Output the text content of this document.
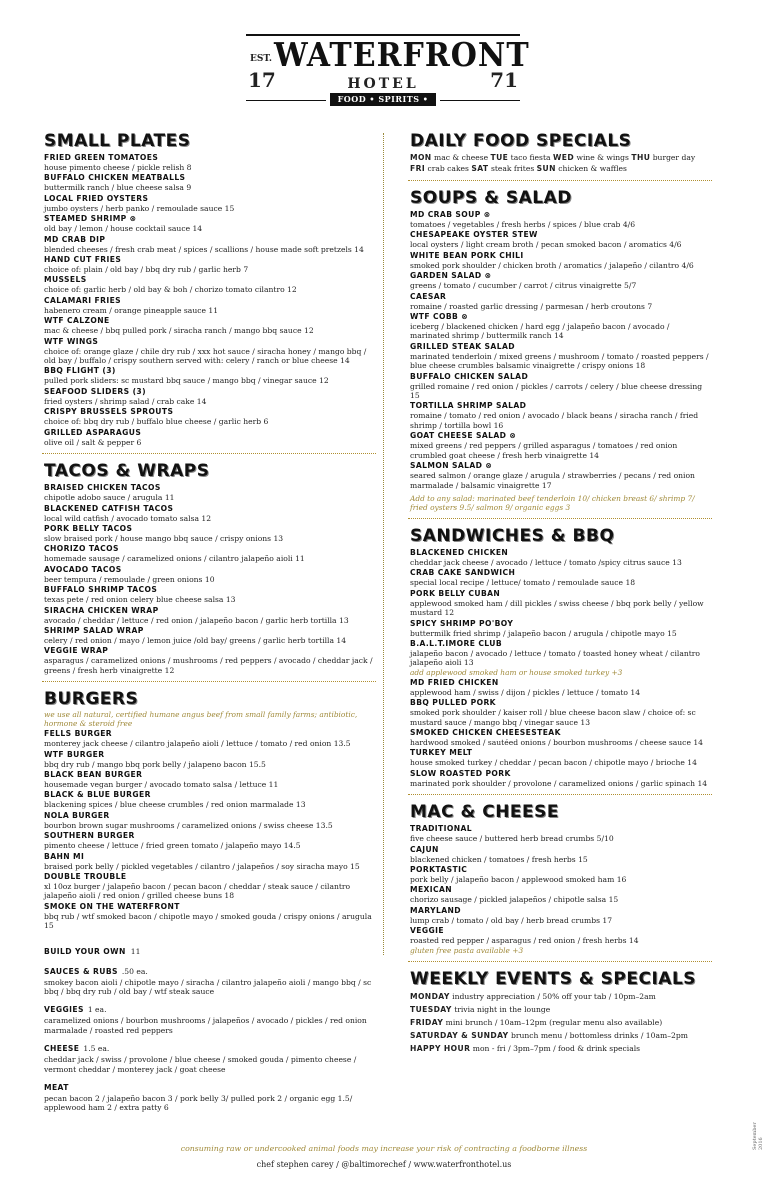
EST.
17	71
WATERFRONT
HOTEL
FOOD • SPIRITS • ALE
SMALL PLATES
FRIED GREEN TOMATOES
house pimento cheese / pickle relish 8
BUFFALO CHICKEN MEATBALLS
buttermilk ranch / blue cheese salsa 9
LOCAL FRIED OYSTERS
jumbo oysters / herb panko / remoulade sauce 15
STEAMED SHRIMP ⊗
old bay / lemon / house cocktail sauce 14
MD CRAB DIP
blended cheeses / fresh crab meat / spices / scallions / house made soft pretzels 14
HAND CUT FRIES
choice of: plain / old bay / bbq dry rub / garlic herb 7
MUSSELS
choice of: garlic herb / old bay & boh / chorizo tomato cilantro 12
CALAMARI FRIES
habenero cream / orange pineapple sauce 11
WTF CALZONE
mac & cheese / bbq pulled pork / siracha ranch / mango bbq sauce 12
WTF WINGS
choice of: orange glaze / chile dry rub / xxx hot sauce / siracha honey / mango bbq / old bay / buffalo / crispy southern served with: celery / ranch or blue cheese 14
BBQ FLIGHT (3)
pulled pork sliders: sc mustard bbq sauce / mango bbq / vinegar sauce 12
SEAFOOD SLIDERS (3)
fried oysters / shrimp salad / crab cake 14
CRISPY BRUSSELS SPROUTS
choice of: bbq dry rub / buffalo blue cheese / garlic herb 6
GRILLED ASPARAGUS
olive oil / salt & pepper 6
TACOS & WRAPS
BRAISED CHICKEN TACOS
chipotle adobo sauce / arugula 11
BLACKENED CATFISH TACOS
local wild catfish / avocado tomato salsa 12
PORK BELLY TACOS
slow braised pork / house mango bbq sauce / crispy onions 13
CHORIZO TACOS
homemade sausage / caramelized onions / cilantro jalapeño aioli 11
AVOCADO TACOS
beer tempura / remoulade / green onions 10
BUFFALO SHRIMP TACOS
texas pete / red onion celery blue cheese salsa 13
SIRACHA CHICKEN WRAP
avocado / cheddar / lettuce / red onion / jalapeño bacon / garlic herb tortilla 13
SHRIMP SALAD WRAP
celery / red onion / mayo / lemon juice /old bay/ greens / garlic herb tortilla 14
VEGGIE WRAP
asparagus / caramelized onions / mushrooms / red peppers / avocado / cheddar jack / greens / fresh herb vinaigrette 12
BURGERS
we use all natural, certified humane angus beef from small family farms; antibiotic, hormone & steroid free
FELLS BURGER
monterey jack cheese / cilantro jalapeño aioli / lettuce / tomato / red onion 13.5
WTF BURGER
bbq dry rub / mango bbq pork belly / jalapeno bacon 15.5
BLACK BEAN BURGER
housemade vegan burger / avocado tomato salsa / lettuce 11
BLACK & BLUE BURGER
blackening spices / blue cheese crumbles / red onion marmalade 13
NOLA BURGER
bourbon brown sugar mushrooms / caramelized onions / swiss cheese 13.5
SOUTHERN BURGER
pimento cheese / lettuce / fried green tomato / jalapeño mayo 14.5
BAHN MI
braised pork belly / pickled vegetables / cilantro / jalapeños / soy siracha mayo 15
DOUBLE TROUBLE
xl 10oz burger / jalapeño bacon / pecan bacon / cheddar / steak sauce / cilantro jalapeño aioli / red onion / grilled cheese buns 18
SMOKE ON THE WATERFRONT
bbq rub / wtf smoked bacon / chipotle mayo / smoked gouda / crispy onions / arugula 15
BUILD YOUR OWN 11
SAUCES & RUBS .50 ea.
smokey bacon aioli / chipotle mayo / siracha / cilantro jalapeño aioli / mango bbq / sc bbq / bbq dry rub / old bay / wtf steak sauce
VEGGIES 1 ea.
caramelized onions / bourbon mushrooms / jalapeños / avocado / pickles / red onion marmalade / roasted red peppers
CHEESE 1.5 ea.
cheddar jack / swiss / provolone / blue cheese / smoked gouda / pimento cheese / vermont cheddar / monterey jack / goat cheese
MEAT
pecan bacon 2 / jalapeño bacon 3 / pork belly 3/ pulled pork 2 / organic egg 1.5/ applewood ham 2 / extra patty 6
DAILY FOOD SPECIALS
MON mac & cheese TUE taco fiesta WED wine & wings THU burger day
FRI crab cakes SAT steak frites SUN chicken & waffles
SOUPS & SALAD
MD CRAB SOUP ⊗
tomatoes / vegetables / fresh herbs / spices / blue crab 4/6
CHESAPEAKE OYSTER STEW
local oysters / light cream broth / pecan smoked bacon / aromatics 4/6
WHITE BEAN PORK CHILI
smoked pork shoulder / chicken broth / aromatics / jalapeño / cilantro 4/6
GARDEN SALAD ⊗
greens / tomato / cucumber / carrot / citrus vinaigrette 5/7
CAESAR
romaine / roasted garlic dressing / parmesan / herb croutons 7
WTF COBB ⊗
iceberg / blackened chicken / hard egg / jalapeño bacon / avocado / marinated shrimp / buttermilk ranch 14
GRILLED STEAK SALAD
marinated tenderloin / mixed greens / mushroom / tomato / roasted peppers / blue cheese crumbles balsamic vinaigrette / crispy onions 18
BUFFALO CHICKEN SALAD
grilled romaine / red onion / pickles / carrots / celery / blue cheese dressing 15
TORTILLA SHRIMP SALAD
romaine / tomato / red onion / avocado / black beans / siracha ranch / fried shrimp / tortilla bowl 16
GOAT CHEESE SALAD ⊗
mixed greens / red peppers / grilled asparagus / tomatoes / red onion crumbled goat cheese / fresh herb vinaigrette 14
SALMON SALAD ⊗
seared salmon / orange glaze / arugula / strawberries / pecans / red onion marmalade / balsamic vinaigrette 17
Add to any salad: marinated beef tenderloin 10/ chicken breast 6/ shrimp 7/ fried oysters 9.5/ salmon 9/ organic eggs 3
SANDWICHES & BBQ
BLACKENED CHICKEN
cheddar jack cheese / avocado / lettuce / tomato /spicy citrus sauce 13
CRAB CAKE SANDWICH
special local recipe / lettuce/ tomato / remoulade sauce 18
PORK BELLY CUBAN
applewood smoked ham / dill pickles / swiss cheese / bbq pork belly / yellow mustard 12
SPICY SHRIMP PO'BOY
buttermilk fried shrimp / jalapeño bacon / arugula / chipotle mayo 15
B.A.L.T.IMORE CLUB
jalapeño bacon / avocado / lettuce / tomato / toasted honey wheat / cilantro jalapeño aioli 13
add applewood smoked ham or house smoked turkey +3
MD FRIED CHICKEN
applewood ham / swiss / dijon / pickles / lettuce / tomato 14
BBQ PULLED PORK
smoked pork shoulder / kaiser roll / blue cheese bacon slaw / choice of: sc mustard sauce / mango bbq / vinegar sauce 13
SMOKED CHICKEN CHEESESTEAK
hardwood smoked / sautéed onions / bourbon mushrooms / cheese sauce 14
TURKEY MELT
house smoked turkey / cheddar / pecan bacon / chipotle mayo / brioche 14
SLOW ROASTED PORK
marinated pork shoulder / provolone / caramelized onions / garlic spinach 14
MAC & CHEESE
TRADITIONAL
five cheese sauce / buttered herb bread crumbs 5/10
CAJUN
blackened chicken / tomatoes / fresh herbs 15
PORKTASTIC
pork belly / jalapeño bacon / applewood smoked ham 16
MEXICAN
chorizo sausage / pickled jalapeños / chipotle salsa 15
MARYLAND
lump crab / tomato / old bay / herb bread crumbs 17
VEGGIE
roasted red pepper / asparagus / red onion / fresh herbs 14
gluten free pasta available +3
WEEKLY EVENTS & SPECIALS
MONDAY industry appreciation / 50% off your tab / 10pm–2am
TUESDAY trivia night in the lounge
FRIDAY mini brunch / 10am–12pm (regular menu also available)
SATURDAY & SUNDAY brunch menu / bottomless drinks / 10am–2pm
HAPPY HOUR mon - fri / 3pm–7pm / food & drink specials
consuming raw or undercooked animal foods may increase your risk of contracting a foodborne illness
chef stephen carey / @baltimorechef / www.waterfronthotel.us
September 2016
